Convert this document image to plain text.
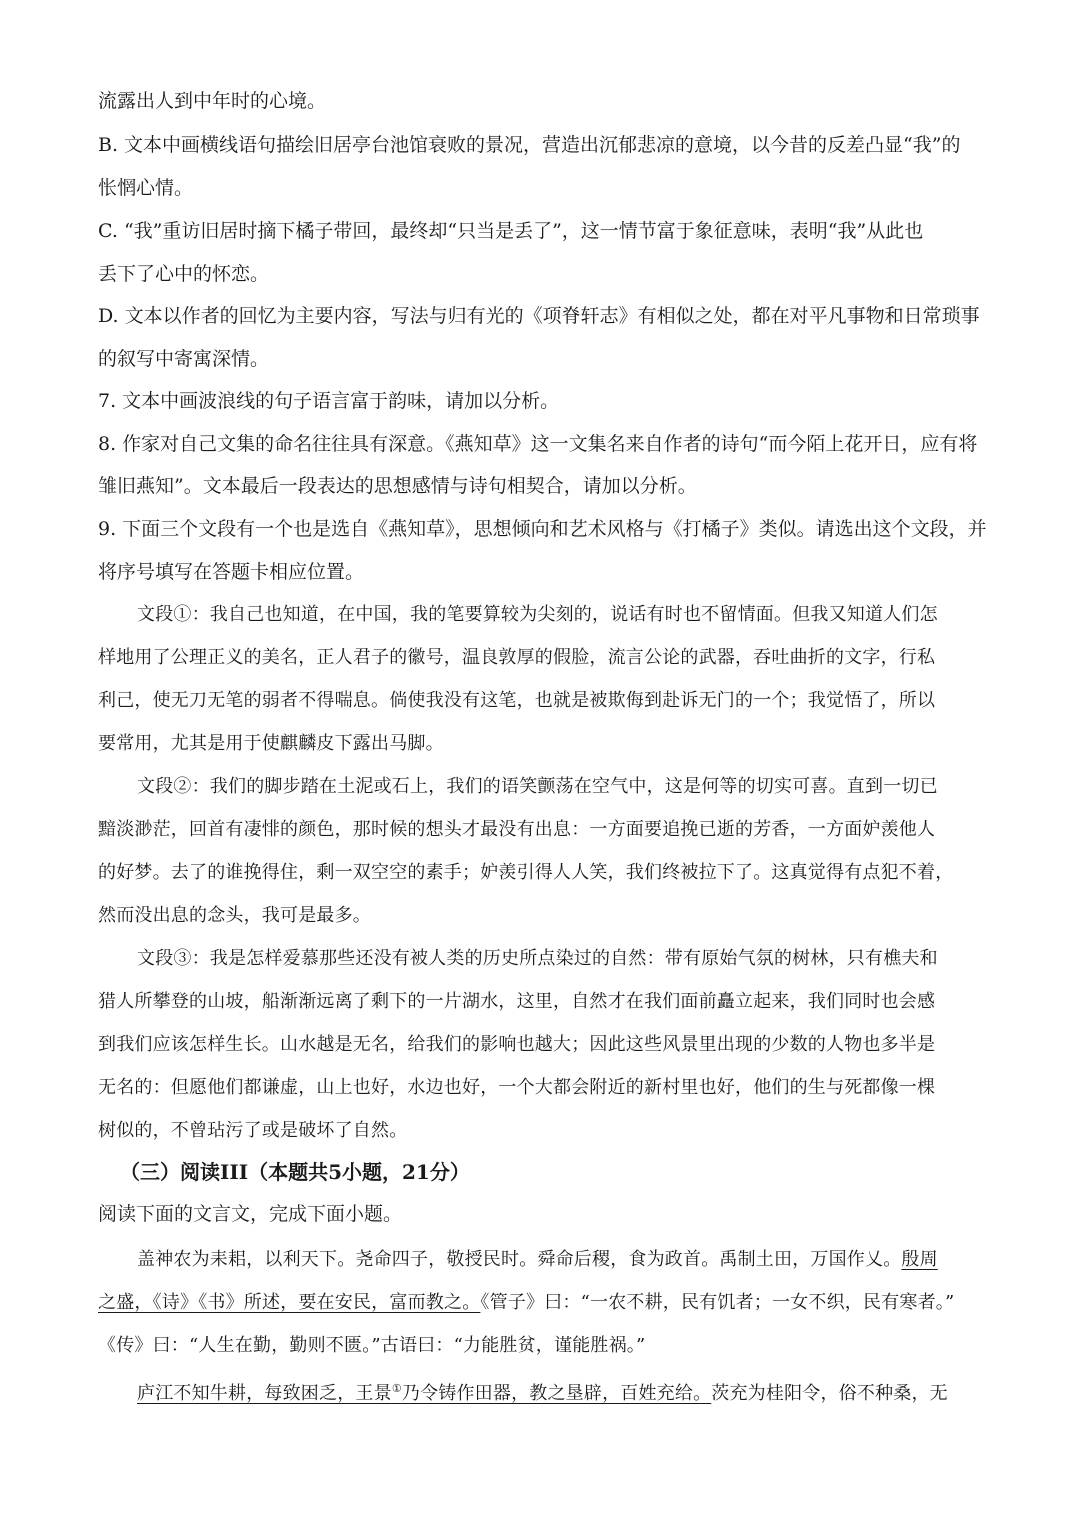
流露出人到中年时的心境。
B. 文本中画横线语句描绘旧居亭台池馆衰败的景况，营造出沉郁悲凉的意境，以今昔的反差凸显“我”的
怅惘心情。
C. “我”重访旧居时摘下橘子带回，最终却“只当是丢了”，这一情节富于象征意味，表明“我”从此也
丢下了心中的怀恋。
D. 文本以作者的回忆为主要内容，写法与归有光的《项脊轩志》有相似之处，都在对平凡事物和日常琐事
的叙写中寄寓深情。
7. 文本中画波浪线的句子语言富于韵味，请加以分析。
8. 作家对自己文集的命名往往具有深意。《燕知草》这一文集名来自作者的诗句“而今陌上花开日，应有将
雏旧燕知”。文本最后一段表达的思想感情与诗句相契合，请加以分析。
9. 下面三个文段有一个也是选自《燕知草》，思想倾向和艺术风格与《打橘子》类似。请选出这个文段，并
将序号填写在答题卡相应位置。
文段①：我自己也知道，在中国，我的笔要算较为尖刻的，说话有时也不留情面。但我又知道人们怎
样地用了公理正义的美名，正人君子的徽号，温良敦厚的假脸，流言公论的武器，吞吐曲折的文字，行私
利己，使无刀无笔的弱者不得喘息。倘使我没有这笔，也就是被欺侮到赴诉无门的一个；我觉悟了，所以
要常用，尤其是用于使麒麟皮下露出马脚。
文段②：我们的脚步踏在土泥或石上，我们的语笑颤荡在空气中，这是何等的切实可喜。直到一切已
黯淡渺茫，回首有凄悱的颜色，那时候的想头才最没有出息：一方面要追挽已逝的芳香，一方面妒羡他人
的好梦。去了的谁挽得住，剩一双空空的素手；妒羡引得人人笑，我们终被拉下了。这真觉得有点犯不着，
然而没出息的念头，我可是最多。
文段③：我是怎样爱慕那些还没有被人类的历史所点染过的自然：带有原始气氛的树林，只有樵夫和
猎人所攀登的山坡，船渐渐远离了剩下的一片湖水，这里，自然才在我们面前矗立起来，我们同时也会感
到我们应该怎样生长。山水越是无名，给我们的影响也越大；因此这些风景里出现的少数的人物也多半是
无名的：但愿他们都谦虚，山上也好，水边也好，一个大都会附近的新村里也好，他们的生与死都像一棵
树似的，不曾玷污了或是破坏了自然。
（三）阅读III（本题共5小题，21分）
阅读下面的文言文，完成下面小题。
盖神农为耒耜，以利天下。尧命四子，敬授民时。舜命后稷，食为政首。禹制土田，万国作乂。殷周
之盛，《诗》《书》所述，要在安民，富而教之。《管子》曰：“一农不耕，民有饥者；一女不织，民有寒者。”
《传》曰：“人生在勤，勤则不匮。”古语曰：“力能胜贫，谨能胜祸。”
庐江不知牛耕，每致困乏，王景①乃令铸作田器，教之垦辟，百姓充给。茨充为桂阳令，俗不种桑，无
